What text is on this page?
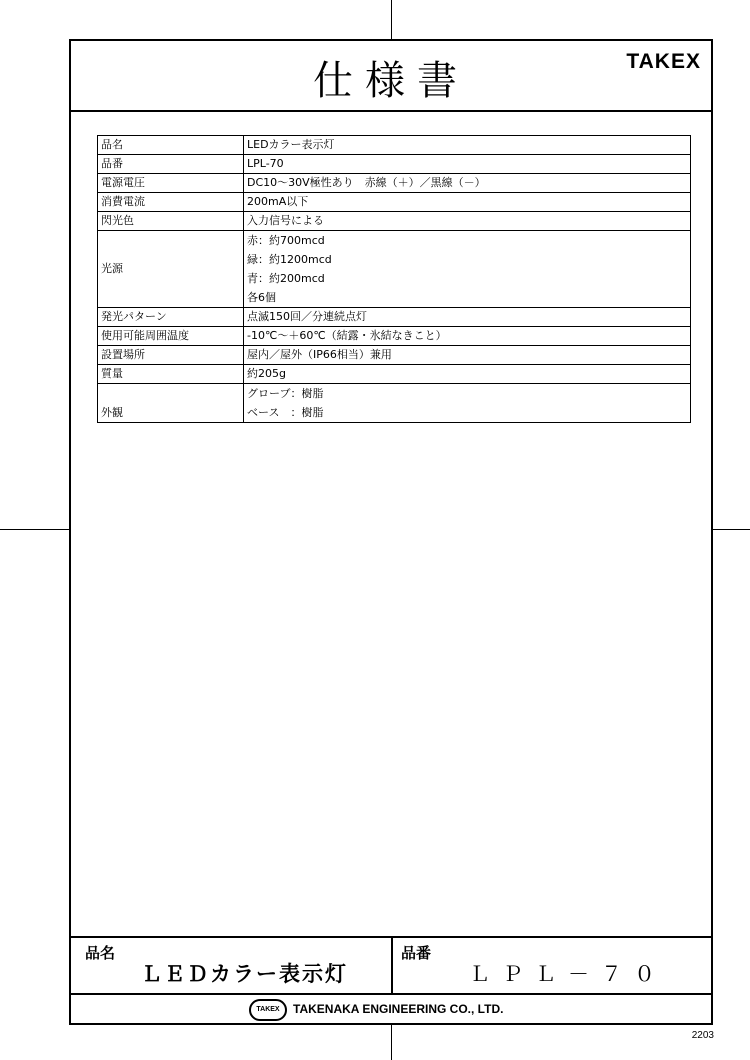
仕様書	TAKEX
品名	LEDカラー表示灯
品番	LPL-70
電源電圧	DC10～30V極性あり　赤線（＋）／黒線（－）
消費電流	200mA以下
閃光色	入力信号による
光源	赤：約700mcd
緑：約1200mcd
青：約200mcd
各6個

発光パターン	点滅150回／分連続点灯
使用可能周囲温度	-10℃～＋60℃（結露・氷結なきこと）
設置場所	屋内／屋外（IP66相当）兼用
質量	約205g
外観	グローブ：樹脂
ベース　：樹脂
品名
ＬＥＤカラー表示灯
品番
ＬＰＬ－７０
TAKEX	TAKENAKA ENGINEERING CO., LTD.
2203
